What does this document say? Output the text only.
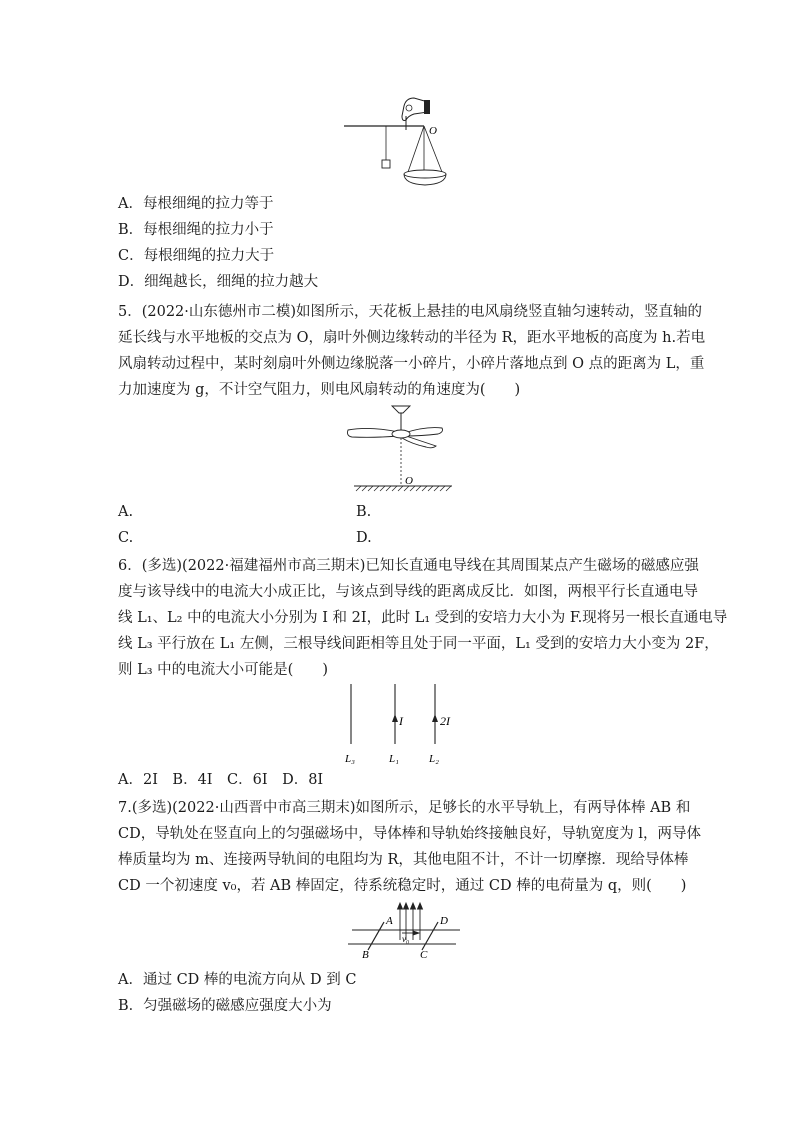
O
A．每根细绳的拉力等于
B．每根细绳的拉力小于
C．每根细绳的拉力大于
D．细绳越长，细绳的拉力越大
5．(2022·山东德州市二模)如图所示，天花板上悬挂的电风扇绕竖直轴匀速转动，竖直轴的
延长线与水平地板的交点为 O，扇叶外侧边缘转动的半径为 R，距水平地板的高度为 h.若电
风扇转动过程中，某时刻扇叶外侧边缘脱落一小碎片，小碎片落地点到 O 点的距离为 L，重
力加速度为 g，不计空气阻力，则电风扇转动的角速度为(　　)
O
A.	B.
C.	D.
6．(多选)(2022·福建福州市高三期末)已知长直通电导线在其周围某点产生磁场的磁感应强
度与该导线中的电流大小成正比，与该点到导线的距离成反比．如图，两根平行长直通电导
线 L₁、L₂ 中的电流大小分别为 I 和 2I，此时 L₁ 受到的安培力大小为 F.现将另一根长直通电导
线 L₃ 平行放在 L₁ 左侧，三根导线间距相等且处于同一平面，L₁ 受到的安培力大小变为 2F，
则 L₃ 中的电流大小可能是(　　)
I	2I
L₃	L₁	L₂
A．2I　B．4I　C．6I　D．8I
7.(多选)(2022·山西晋中市高三期末)如图所示，足够长的水平导轨上，有两导体棒 AB 和
CD，导轨处在竖直向上的匀强磁场中，导体棒和导轨始终接触良好，导轨宽度为 l，两导体
棒质量均为 m、连接两导轨间的电阻均为 R，其他电阻不计，不计一切摩擦．现给导体棒
CD 一个初速度 v₀，若 AB 棒固定，待系统稳定时，通过 CD 棒的电荷量为 q，则(　　)
A	D
B	C
v₀
A．通过 CD 棒的电流方向从 D 到 C
B．匀强磁场的磁感应强度大小为
